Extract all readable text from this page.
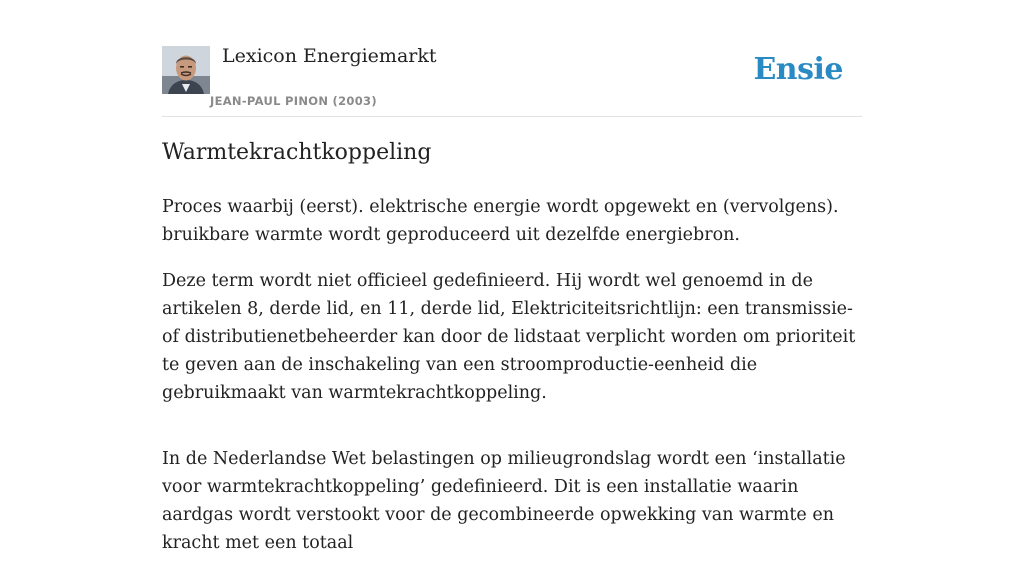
Lexicon Energiemarkt
JEAN-PAUL PINON (2003)
Ensie
Warmtekrachtkoppeling

Proces waarbij (eerst). elektrische energie wordt opgewekt en (vervolgens). bruikbare warmte wordt geproduceerd uit dezelfde energiebron.

Deze term wordt niet officieel gedefinieerd. Hij wordt wel genoemd in de artikelen 8, derde lid, en 11, derde lid, Elektriciteitsrichtlijn: een transmissie- of distributienetbeheerder kan door de lidstaat verplicht worden om prioriteit te geven aan de inschakeling van een stroomproductie-eenheid die gebruikmaakt van warmtekrachtkoppeling.

In de Nederlandse Wet belastingen op milieugrondslag wordt een ‘installatie voor warmtekrachtkoppeling’ gedefinieerd. Dit is een installatie waarin aardgas wordt verstookt voor de gecombineerde opwekking van warmte en kracht met een totaal
